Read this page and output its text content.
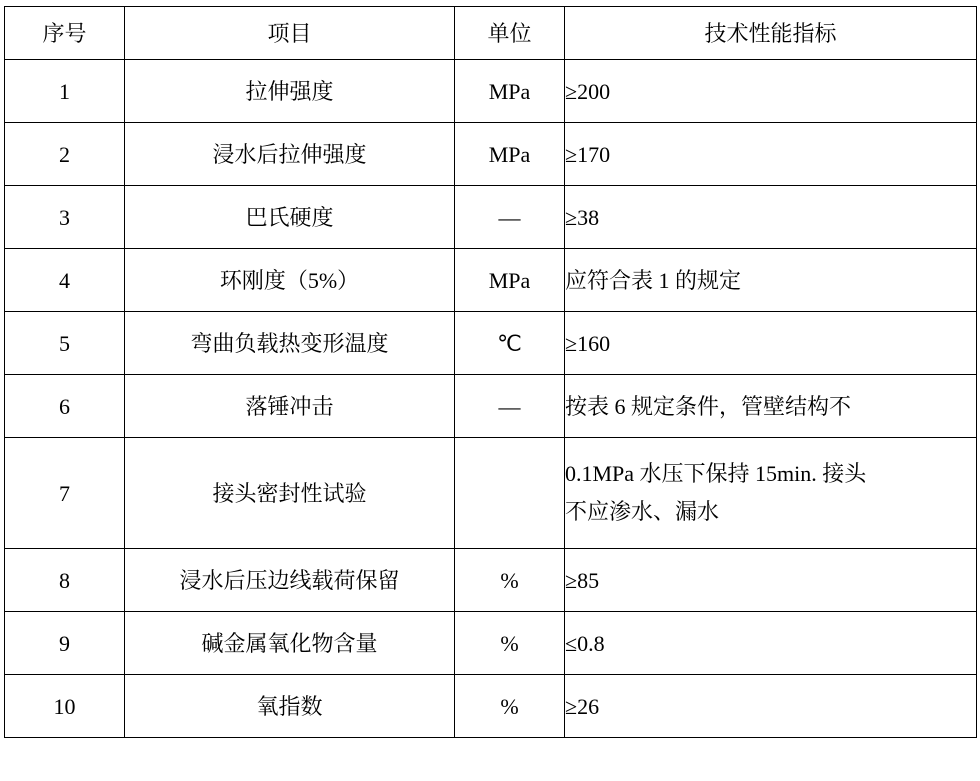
序号	项目	单位	技术性能指标
1	拉伸强度	MPa	≥200
2	浸水后拉伸强度	MPa	≥170
3	巴氏硬度	—	≥38
4	环刚度（5%）	MPa	应符合表 1 的规定
5	弯曲负载热变形温度	℃	≥160
6	落锤冲击	—	按表 6 规定条件，管壁结构不
7	接头密封性试验		0.1MPa 水压下保持 15min. 接头
不应渗水、漏水

8	浸水后压边线载荷保留	%	≥85
9	碱金属氧化物含量	%	≤0.8
10	氧指数	%	≥26
